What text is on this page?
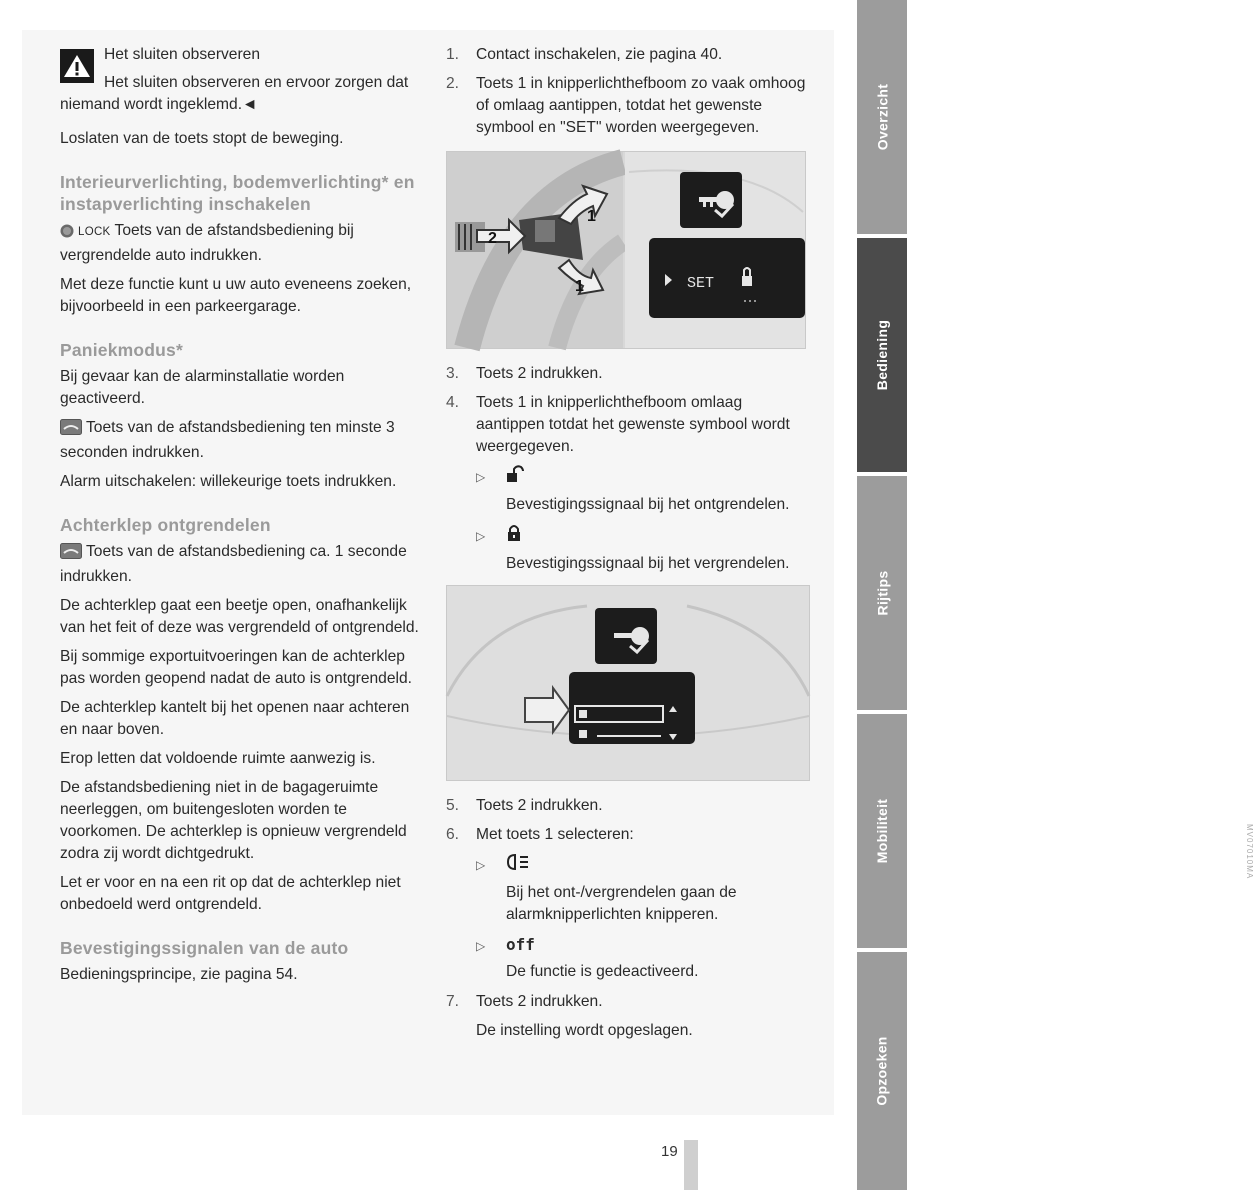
Het sluiten observeren

Het sluiten observeren en ervoor zorgen dat niemand wordt ingeklemd.◄

Loslaten van de toets stopt de beweging.

Interieurverlichting, bodemverlichting* en instapverlichting inschakelen

LOCK Toets van de afstandsbediening bij vergrendelde auto indrukken.

Met deze functie kunt u uw auto eveneens zoeken, bijvoorbeeld in een parkeergarage.

Paniekmodus*

Bij gevaar kan de alarminstallatie worden geactiveerd.

Toets van de afstandsbediening ten minste 3 seconden indrukken.

Alarm uitschakelen: willekeurige toets indrukken.

Achterklep ontgrendelen

Toets van de afstandsbediening ca. 1 seconde indrukken.

De achterklep gaat een beetje open, onafhankelijk van het feit of deze was vergrendeld of ontgrendeld.

Bij sommige exportuitvoeringen kan de achterklep pas worden geopend nadat de auto is ontgrendeld.

De achterklep kantelt bij het openen naar achteren en naar boven.

Erop letten dat voldoende ruimte aanwezig is.

De afstandsbediening niet in de bagageruimte neerleggen, om buitengesloten worden te voorkomen. De achterklep is opnieuw vergrendeld zodra zij wordt dichtgedrukt.

Let er voor en na een rit op dat de achterklep niet onbedoeld werd ontgrendeld.

Bevestigingssignalen van de auto

Bedieningsprincipe, zie pagina 54.

1. Contact inschakelen, zie pagina 40.
2. Toets 1 in knipperlichthefboom zo vaak omhoog of omlaag aantippen, totdat het gewenste symbool en "SET" worden weergegeven.
SET
2
1
1
3. Toets 2 indrukken.
4. Toets 1 in knipperlichthefboom omlaag aantippen totdat het gewenste symbool wordt weergegeven.
▷

Bevestigingssignaal bij het ontgrendelen.

▷

Bevestigingssignaal bij het vergrendelen.

MV07010MA
5. Toets 2 indrukken.
6. Met toets 1 selecteren:
▷

Bij het ont-/vergrendelen gaan de alarmknipperlichten knipperen.

▷ off

De functie is gedeactiveerd.

7. Toets 2 indrukken.

De instelling wordt opgeslagen.

Overzicht
Bediening
Rijtips
Mobiliteit
Opzoeken
19
